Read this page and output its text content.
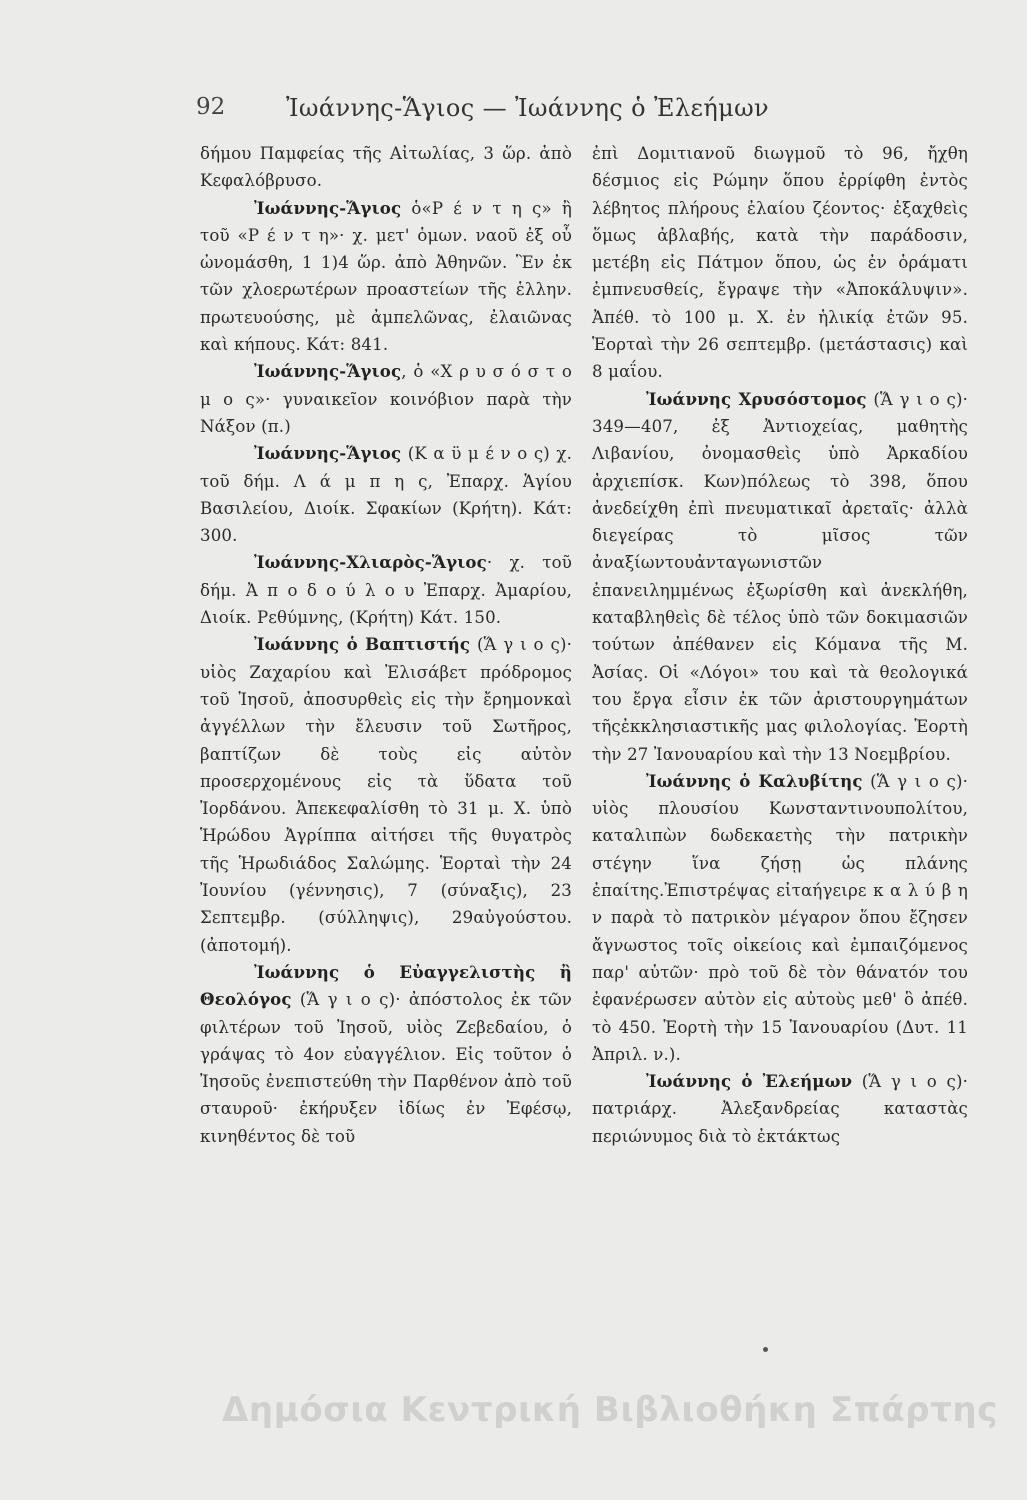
92	Ἰωάννης-Ἅγιος — Ἰωάννης ὁ Ἐλεήμων

δήμου Παμφείας τῆς Αἰτωλίας, 3 ὥρ. ἀπὸ Κεφαλόβρυσο.

Ἰωάννης-Ἅγιος ὁ«Ρ έ ν τ η ς» ἢ τοῦ «Ρ έ ν τ η»· χ. μετ' ὁμων. ναοῦ ἐξ οὗ ὠνομάσθη, 1 1)4 ὥρ. ἀπὸ Ἀθηνῶν. Ἓν ἐκ τῶν χλοερωτέρων προαστείων τῆς ἑλλην. πρωτευούσης, μὲ ἀμπελῶνας, ἐλαιῶνας καὶ κήπους. Κάτ: 841.

Ἰωάννης-Ἅγιος, ὁ «Χ ρ υ σ ό σ τ ο μ ο ς»· γυναικεῖον κοινόβιον παρὰ τὴν Νάξον (π.)

Ἰωάννης-Ἅγιος (Κ α ϋ μ έ ν ο ς) χ. τοῦ δήμ. Λ ά μ π η ς, Ἐπαρχ. Ἁγίου Βασιλείου, Διοίκ. Σφακίων (Κρήτη). Κάτ: 300.

Ἰωάννης-Χλιαρὸς-Ἅγιος· χ. τοῦ δήμ. Ἀ π ο δ ο ύ λ ο υ Ἐπαρχ. Ἀμαρίου, Διοίκ. Ρεθύμνης, (Κρήτη) Κάτ. 150.

Ἰωάννης ὁ Βαπτιστής (Ἅ γ ι ο ς)· υἱὸς Ζαχαρίου καὶ Ἐλισάβετ πρόδρομος τοῦ Ἰησοῦ, ἀποσυρθεὶς εἰς τὴν ἔρημονκαὶ ἀγγέλλων τὴν ἔλευσιν τοῦ Σωτῆρος, βαπτίζων δὲ τοὺς εἰς αὐτὸν προσερχομένους εἰς τὰ ὕδατα τοῦ Ἰορδάνου. Ἀπεκεφαλίσθη τὸ 31 μ. Χ. ὑπὸ Ἡρώδου Ἀγρίππα αἰτήσει τῆς θυγατρὸς τῆς Ἡρωδιάδος Σαλώμης. Ἑορταὶ τὴν 24 Ἰουνίου (γέννησις), 7 (σύναξις), 23 Σεπτεμβρ. (σύλληψις), 29αὐγούστου. (ἀποτομή).

Ἰωάννης ὁ Εὐαγγελιστὴς ἢ Θεολόγος (Ἅ γ ι ο ς)· ἀπόστολος ἐκ τῶν φιλτέρων τοῦ Ἰησοῦ, υἱὸς Ζεβεδαίου, ὁ γράψας τὸ 4ον εὐαγγέλιον. Εἰς τοῦτον ὁ Ἰησοῦς ἐνεπιστεύθη τὴν Παρθένον ἀπὸ τοῦ σταυροῦ· ἐκήρυξεν ἰδίως ἐν Ἐφέσῳ, κινηθέντος δὲ τοῦ

ἐπὶ Δομιτιανοῦ διωγμοῦ τὸ 96, ἤχθη δέσμιος εἰς Ρώμην ὅπου ἐρρίφθη ἐντὸς λέβητος πλήρους ἐλαίου ζέοντος· ἐξαχθεὶς ὅμως ἀβλαβής, κατὰ τὴν παράδοσιν, μετέβη εἰς Πάτμον ὅπου, ὡς ἐν ὁράματι ἐμπνευσθείς, ἔγραψε τὴν «Ἀποκάλυψιν». Ἀπέθ. τὸ 100 μ. Χ. ἐν ἡλικίᾳ ἐτῶν 95. Ἑορταὶ τὴν 26 σεπτεμβρ. (μετάστασις) καὶ 8 μαΐου.

Ἰωάννης Χρυσόστομος (Ἅ γ ι ο ς)· 349—407, ἐξ Ἀντιοχείας, μαθητὴς Λιβανίου, ὀνομασθεὶς ὑπὸ Ἀρκαδίου ἀρχιεπίσκ. Κων)πόλεως τὸ 398, ὅπου ἀνεδείχθη ἐπὶ πνευματικαῖ ἀρεταῖς· ἀλλὰ διεγείρας τὸ μῖσος τῶν ἀναξίωντουἀνταγωνιστῶν ἐπανειλημμένως ἐξωρίσθη καὶ ἀνεκλήθη, καταβληθεὶς δὲ τέλος ὑπὸ τῶν δοκιμασιῶν τούτων ἀπέθανεν εἰς Κόμανα τῆς Μ. Ἀσίας. Οἱ «Λόγοι» του καὶ τὰ θεολογικά του ἔργα εἶσιν ἐκ τῶν ἀριστουργημάτων τῆςἐκκλησιαστικῆς μας φιλολογίας. Ἑορτὴ τὴν 27 Ἰανουαρίου καὶ τὴν 13 Νοεμβρίου.

Ἰωάννης ὁ Καλυβίτης (Ἅ γ ι ο ς)· υἱὸς πλουσίου Κωνσταντινουπολίτου, καταλιπὼν δωδεκαετὴς τὴν πατρικὴν στέγην ἵνα ζήσῃ ὡς πλάνης ἐπαίτης.Ἐπιστρέψας εἰταήγειρε κ α λ ύ β η ν παρὰ τὸ πατρικὸν μέγαρον ὅπου ἔζησεν ἄγνωστος τοῖς οἰκείοις καὶ ἐμπαιζόμενος παρ' αὐτῶν· πρὸ τοῦ δὲ τὸν θάνατόν του ἐφανέρωσεν αὐτὸν εἰς αὐτοὺς μεθ' ὃ ἀπέθ. τὸ 450. Ἑορτὴ τὴν 15 Ἰανουαρίου (Δυτ. 11 Ἀπριλ. ν.).

Ἰωάννης ὁ Ἐλεήμων (Ἅ γ ι ο ς)· πατριάρχ. Ἀλεξανδρείας καταστὰς περιώνυμος διὰ τὸ ἐκτάκτως

Δημόσια Κεντρική Βιβλιοθήκη Σπάρτης
